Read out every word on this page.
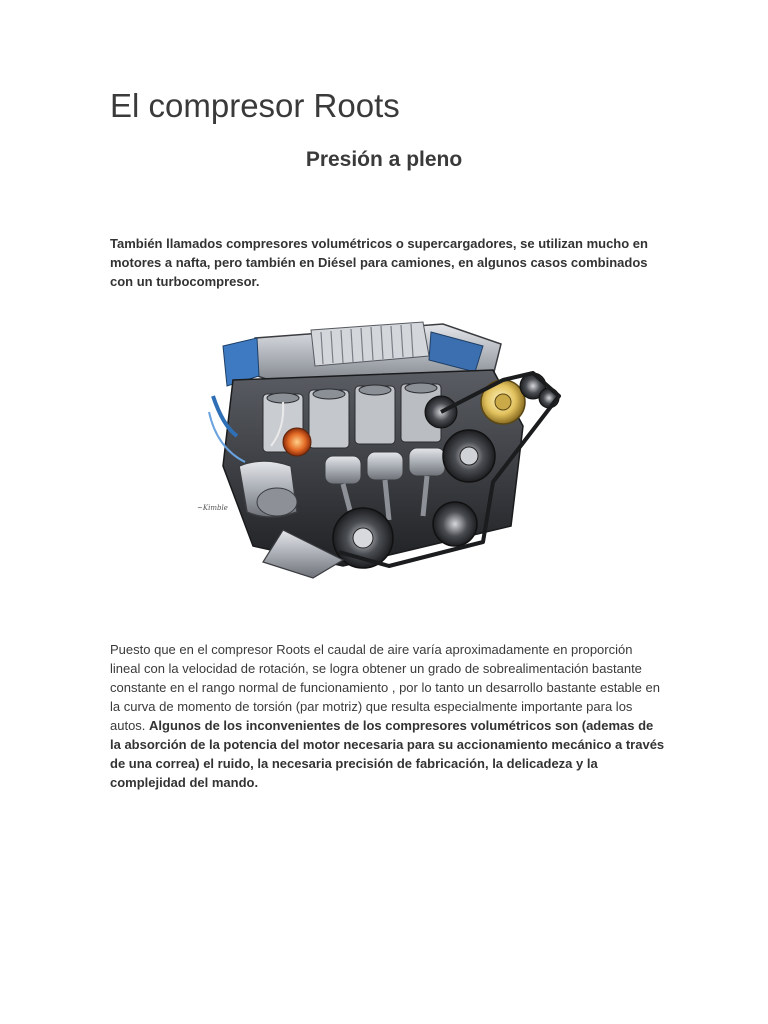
El compresor Roots
Presión a pleno

También llamados compresores volumétricos o supercargadores, se utilizan mucho en motores a nafta, pero también en Diésel para camiones, en algunos casos combinados con un turbocompresor.

~Kimble

Puesto que en el compresor Roots el caudal de aire varía aproximadamente en proporción lineal con la velocidad de rotación, se logra obtener un grado de sobrealimentación bastante constante en el rango normal de funcionamiento , por lo tanto un desarrollo bastante estable en la curva de momento de torsión (par motriz) que resulta especialmente importante para los autos. Algunos de los inconvenientes de los compresores volumétricos son (ademas de la absorción de la potencia del motor necesaria para su accionamiento mecánico a través de una correa) el ruido, la necesaria precisión de fabricación, la delicadeza y la complejidad del mando.
